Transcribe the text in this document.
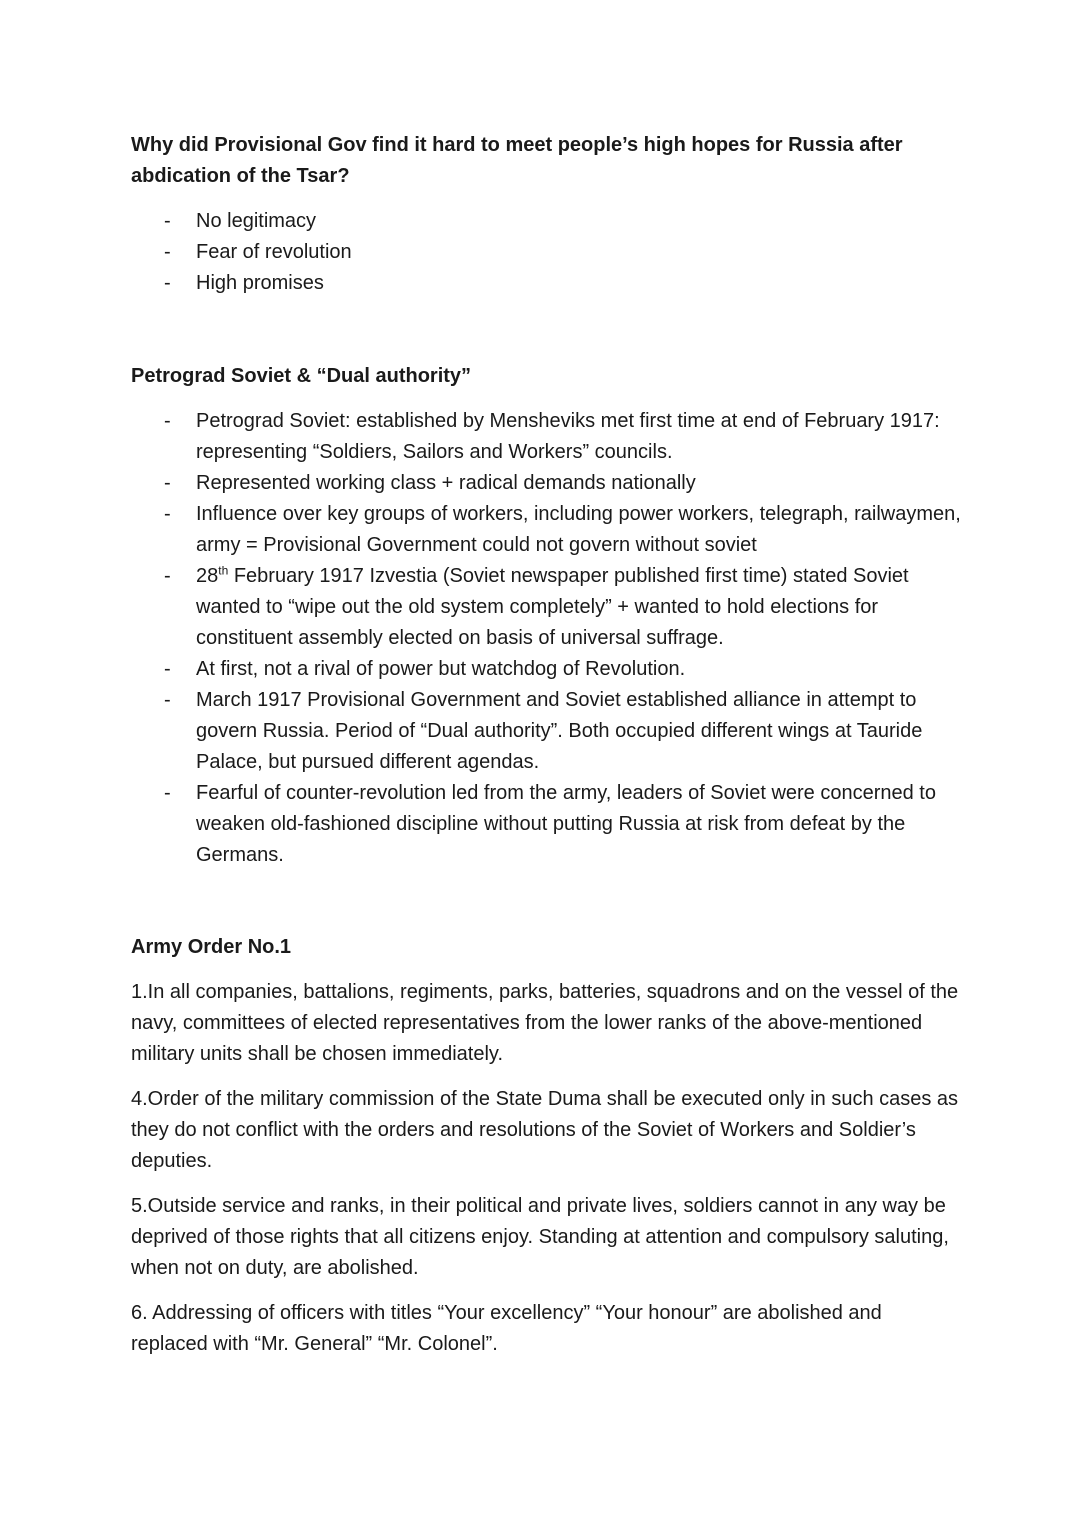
Why did Provisional Gov find it hard to meet people’s high hopes for Russia after abdication of the Tsar?
- No legitimacy
- Fear of revolution
- High promises
Petrograd Soviet & “Dual authority”
- Petrograd Soviet: established by Mensheviks met first time at end of February 1917: representing “Soldiers, Sailors and Workers” councils.
- Represented working class + radical demands nationally
- Influence over key groups of workers, including power workers, telegraph, railwaymen, army = Provisional Government could not govern without soviet
- 28th February 1917 Izvestia (Soviet newspaper published first time) stated Soviet wanted to “wipe out the old system completely” + wanted to hold elections for constituent assembly elected on basis of universal suffrage.
- At first, not a rival of power but watchdog of Revolution.
- March 1917 Provisional Government and Soviet established alliance in attempt to govern Russia. Period of “Dual authority”. Both occupied different wings at Tauride Palace, but pursued different agendas.
- Fearful of counter-revolution led from the army, leaders of Soviet were concerned to weaken old-fashioned discipline without putting Russia at risk from defeat by the Germans.
Army Order No.1

1.In all companies, battalions, regiments, parks, batteries, squadrons and on the vessel of the navy, committees of elected representatives from the lower ranks of the above-mentioned military units shall be chosen immediately.

4.Order of the military commission of the State Duma shall be executed only in such cases as they do not conflict with the orders and resolutions of the Soviet of Workers and Soldier’s deputies.

5.Outside service and ranks, in their political and private lives, soldiers cannot in any way be deprived of those rights that all citizens enjoy. Standing at attention and compulsory saluting, when not on duty, are abolished.

6. Addressing of officers with titles “Your excellency” “Your honour” are abolished and replaced with “Mr. General” “Mr. Colonel”.
